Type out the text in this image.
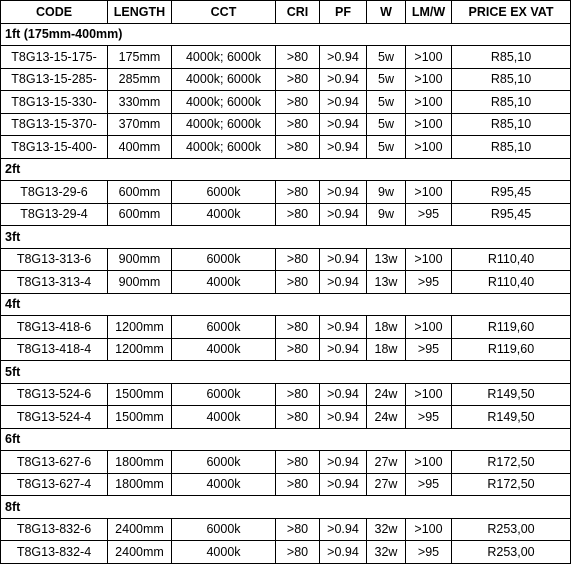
CODE	LENGTH	CCT	CRI	PF	W	LM/W	PRICE EX VAT
1ft (175mm-400mm)							
T8G13-15-175-	175mm	4000k; 6000k	>80	>0.94	5w	>100	R85,10
T8G13-15-285-	285mm	4000k; 6000k	>80	>0.94	5w	>100	R85,10
T8G13-15-330-	330mm	4000k; 6000k	>80	>0.94	5w	>100	R85,10
T8G13-15-370-	370mm	4000k; 6000k	>80	>0.94	5w	>100	R85,10
T8G13-15-400-	400mm	4000k; 6000k	>80	>0.94	5w	>100	R85,10
2ft							
T8G13-29-6	600mm	6000k	>80	>0.94	9w	>100	R95,45
T8G13-29-4	600mm	4000k	>80	>0.94	9w	>95	R95,45
3ft							
T8G13-313-6	900mm	6000k	>80	>0.94	13w	>100	R110,40
T8G13-313-4	900mm	4000k	>80	>0.94	13w	>95	R110,40
4ft							
T8G13-418-6	1200mm	6000k	>80	>0.94	18w	>100	R119,60
T8G13-418-4	1200mm	4000k	>80	>0.94	18w	>95	R119,60
5ft							
T8G13-524-6	1500mm	6000k	>80	>0.94	24w	>100	R149,50
T8G13-524-4	1500mm	4000k	>80	>0.94	24w	>95	R149,50
6ft							
T8G13-627-6	1800mm	6000k	>80	>0.94	27w	>100	R172,50
T8G13-627-4	1800mm	4000k	>80	>0.94	27w	>95	R172,50
8ft							
T8G13-832-6	2400mm	6000k	>80	>0.94	32w	>100	R253,00
T8G13-832-4	2400mm	4000k	>80	>0.94	32w	>95	R253,00
